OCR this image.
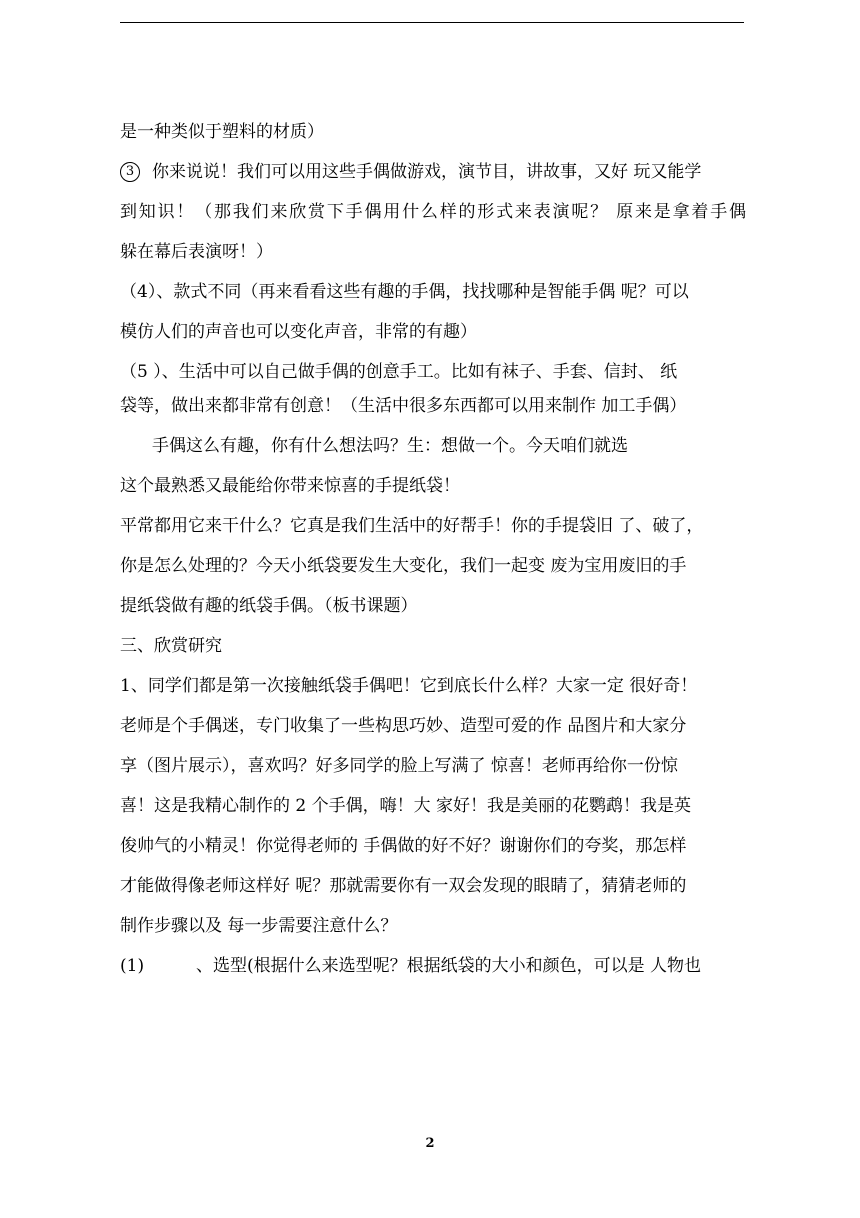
是一种类似于塑料的材质）
3 你来说说！我们可以用这些手偶做游戏，演节目，讲故事，又好 玩又能学
到知识！（那我们来欣赏下手偶用什么样的形式来表演呢？ 原来是拿着手偶
躲在幕后表演呀！）
（4）、款式不同（再来看看这些有趣的手偶，找找哪种是智能手偶 呢？可以
模仿人们的声音也可以变化声音，非常的有趣）
（5 ）、生活中可以自己做手偶的创意手工。比如有袜子、手套、信封、 纸
袋等，做出来都非常有创意！（生活中很多东西都可以用来制作 加工手偶）
手偶这么有趣，你有什么想法吗？生：想做一个。今天咱们就选
这个最熟悉又最能给你带来惊喜的手提纸袋！
平常都用它来干什么？它真是我们生活中的好帮手！你的手提袋旧 了、破了，
你是怎么处理的？今天小纸袋要发生大变化，我们一起变 废为宝用废旧的手
提纸袋做有趣的纸袋手偶。（板书课题）
三、欣赏研究
1、同学们都是第一次接触纸袋手偶吧！它到底长什么样？大家一定 很好奇！
老师是个手偶迷，专门收集了一些构思巧妙、造型可爱的作 品图片和大家分
享（图片展示），喜欢吗？好多同学的脸上写满了 惊喜！老师再给你一份惊
喜！这是我精心制作的 2 个手偶，嗨！大 家好！我是美丽的花鹦鹉！我是英
俊帅气的小精灵！你觉得老师的 手偶做的好不好？谢谢你们的夸奖，那怎样
才能做得像老师这样好 呢？那就需要你有一双会发现的眼睛了，猜猜老师的
制作步骤以及 每一步需要注意什么？
(1)	、选型(根据什么来选型呢？根据纸袋的大小和颜色，可以是 人物也
2
